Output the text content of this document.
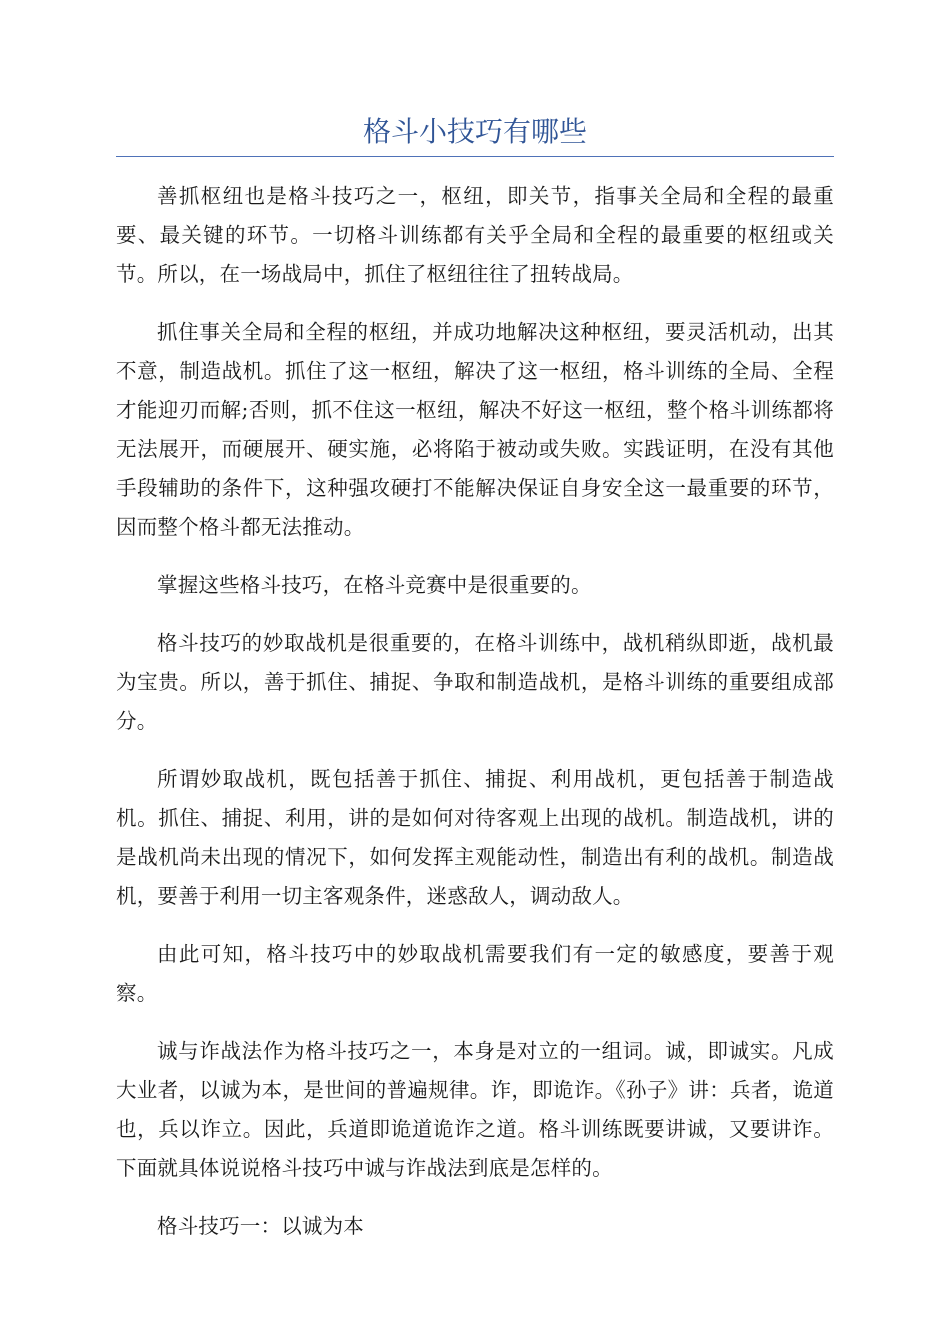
格斗小技巧有哪些

善抓枢纽也是格斗技巧之一，枢纽，即关节，指事关全局和全程的最重要、最关键的环节。一切格斗训练都有关乎全局和全程的最重要的枢纽或关节。所以，在一场战局中，抓住了枢纽往往了扭转战局。

抓住事关全局和全程的枢纽，并成功地解决这种枢纽，要灵活机动，出其不意，制造战机。抓住了这一枢纽，解决了这一枢纽，格斗训练的全局、全程才能迎刃而解;否则，抓不住这一枢纽，解决不好这一枢纽，整个格斗训练都将无法展开，而硬展开、硬实施，必将陷于被动或失败。实践证明，在没有其他手段辅助的条件下，这种强攻硬打不能解决保证自身安全这一最重要的环节，因而整个格斗都无法推动。

掌握这些格斗技巧，在格斗竞赛中是很重要的。

格斗技巧的妙取战机是很重要的，在格斗训练中，战机稍纵即逝，战机最为宝贵。所以，善于抓住、捕捉、争取和制造战机，是格斗训练的重要组成部分。

所谓妙取战机，既包括善于抓住、捕捉、利用战机，更包括善于制造战机。抓住、捕捉、利用，讲的是如何对待客观上出现的战机。制造战机，讲的是战机尚未出现的情况下，如何发挥主观能动性，制造出有利的战机。制造战机，要善于利用一切主客观条件，迷惑敌人，调动敌人。

由此可知，格斗技巧中的妙取战机需要我们有一定的敏感度，要善于观察。

诚与诈战法作为格斗技巧之一，本身是对立的一组词。诚，即诚实。凡成大业者，以诚为本，是世间的普遍规律。诈，即诡诈。《孙子》讲：兵者，诡道也，兵以诈立。因此，兵道即诡道诡诈之道。格斗训练既要讲诚，又要讲诈。下面就具体说说格斗技巧中诚与诈战法到底是怎样的。

格斗技巧一：以诚为本
